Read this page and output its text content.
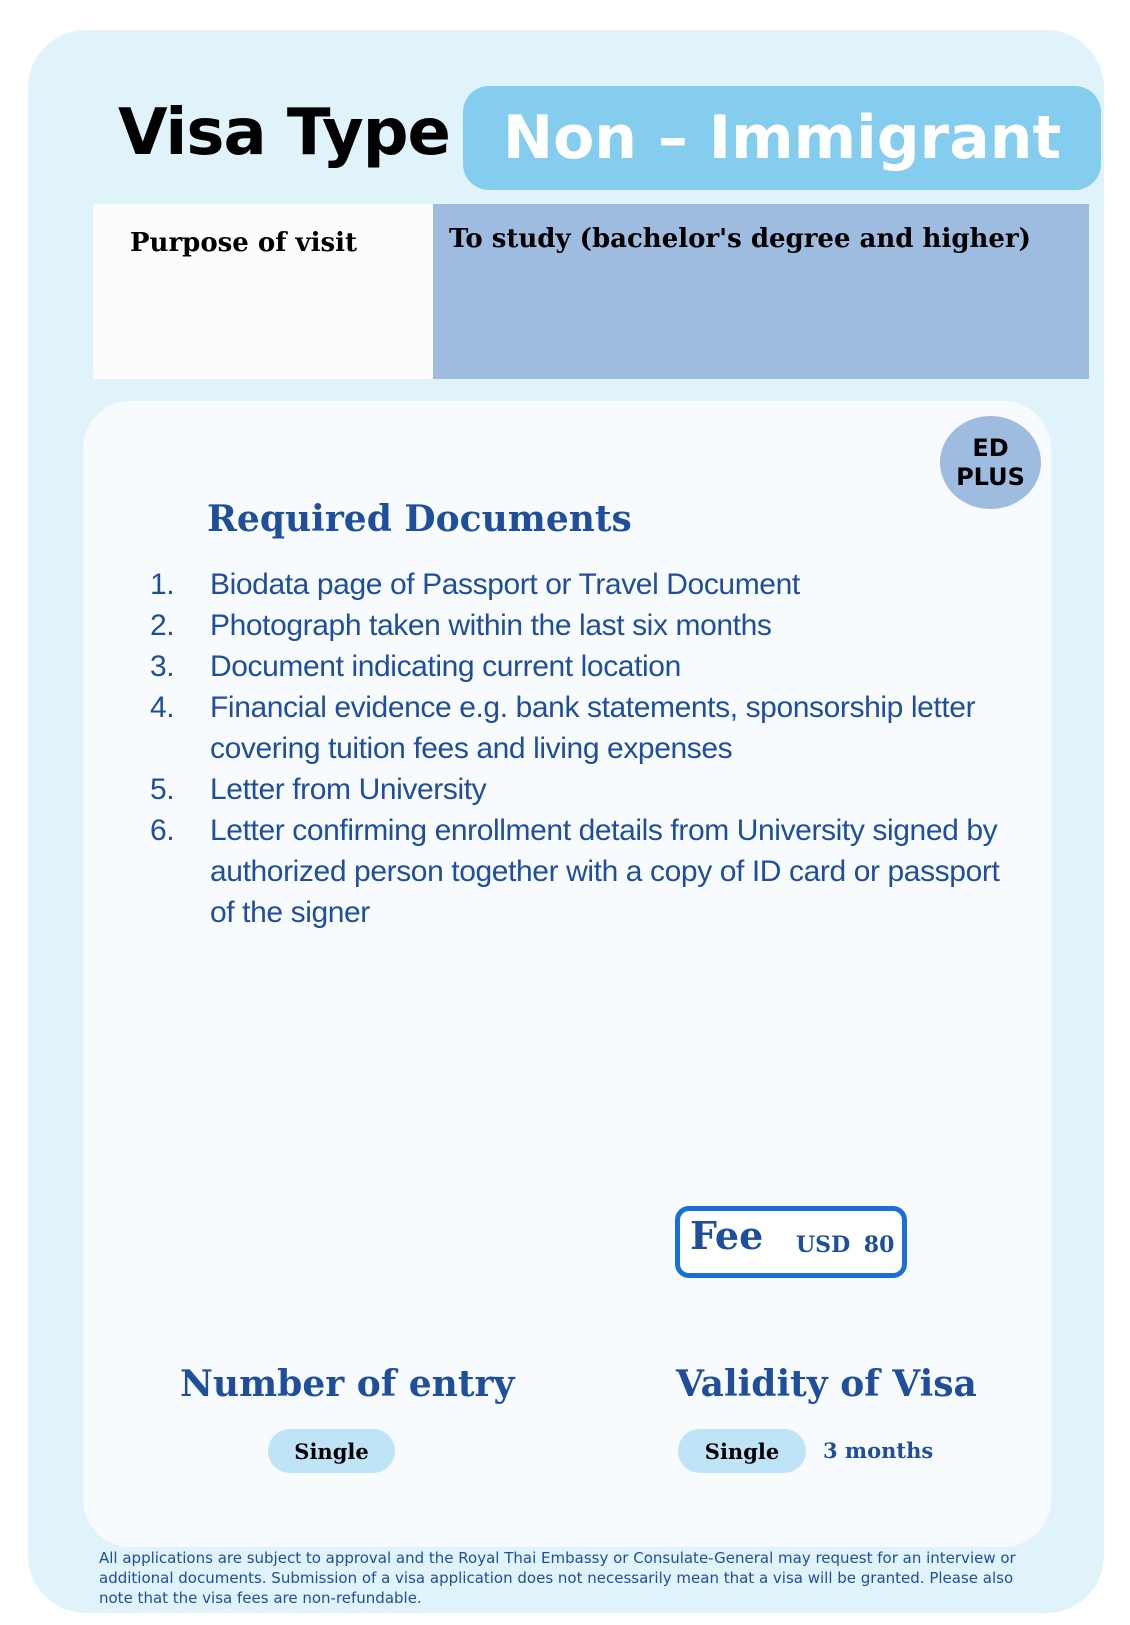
Visa Type Non – Immigrant
Purpose of visit	To study (bachelor's degree and higher)
ED
PLUS
Required Documents
1. Biodata page of Passport or Travel Document
2. Photograph taken within the last six months
3. Document indicating current location
4. Financial evidence e.g. bank statements, sponsorship letter covering tuition fees and living expenses
5. Letter from University
6. Letter confirming enrollment details from University signed by authorized person together with a copy of ID card or passport of the signer
Fee USD 80
Number of entry
Single
Validity of Visa
Single	3 months
All applications are subject to approval and the Royal Thai Embassy or Consulate-General may request for an interview or additional documents. Submission of a visa application does not necessarily mean that a visa will be granted. Please also note that the visa fees are non-refundable.
